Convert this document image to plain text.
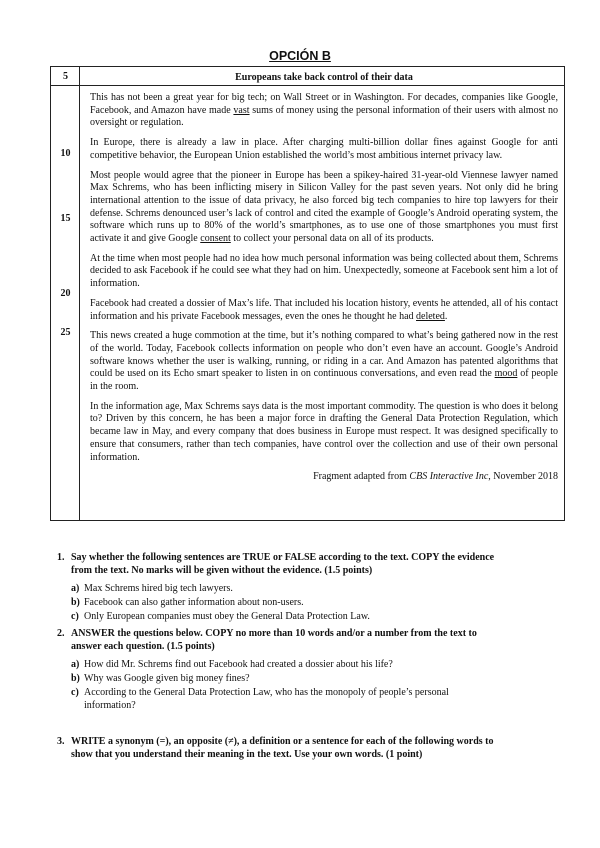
OPCIÓN B
5
10
15
20
25
Europeans take back control of their data

This has not been a great year for big tech; on Wall Street or in Washington. For decades, companies like Google, Facebook, and Amazon have made vast sums of money using the personal information of their users with almost no oversight or regulation.

In Europe, there is already a law in place. After charging multi-billion dollar fines against Google for anti competitive behavior, the European Union established the world’s most ambitious internet privacy law.

Most people would agree that the pioneer in Europe has been a spikey-haired 31-year-old Viennese lawyer named Max Schrems, who has been inflicting misery in Silicon Valley for the past seven years. Not only did he bring international attention to the issue of data privacy, he also forced big tech companies to hire top lawyers for their defense. Schrems denounced user’s lack of control and cited the example of Google’s Android operating system, the software which runs up to 80% of the world’s smartphones, as to use one of those smartphones you must first activate it and give Google consent to collect your personal data on all of its products.

At the time when most people had no idea how much personal information was being collected about them, Schrems decided to ask Facebook if he could see what they had on him. Unexpectedly, someone at Facebook sent him a lot of information.

Facebook had created a dossier of Max’s life. That included his location history, events he attended, all of his contact information and his private Facebook messages, even the ones he thought he had deleted.

This news created a huge commotion at the time, but it’s nothing compared to what’s being gathered now in the rest of the world. Today, Facebook collects information on people who don’t even have an account. Google’s Android software knows whether the user is walking, running, or riding in a car. And Amazon has patented algorithms that could be used on its Echo smart speaker to listen in on continuous conversations, and even read the mood of people in the room.

In the information age, Max Schrems says data is the most important commodity. The question is who does it belong to? Driven by this concern, he has been a major force in drafting the General Data Protection Regulation, which became law in May, and every company that does business in Europe must respect. It was designed specifically to ensure that consumers, rather than tech companies, have control over the collection and use of their own personal information.

Fragment adapted from CBS Interactive Inc, November 2018
1. Say whether the following sentences are TRUE or FALSE according to the text. COPY the evidence
from the text. No marks will be given without the evidence. (1.5 points)
a) Max Schrems hired big tech lawyers.
b) Facebook can also gather information about non-users.
c) Only European companies must obey the General Data Protection Law.
2. ANSWER the questions below. COPY no more than 10 words and/or a number from the text to
answer each question. (1.5 points)
a) How did Mr. Schrems find out Facebook had created a dossier about his life?
b) Why was Google given big money fines?
c) According to the General Data Protection Law, who has the monopoly of people’s personal
information?
3. WRITE a synonym (=), an opposite (≠), a definition or a sentence for each of the following words to
show that you understand their meaning in the text. Use your own words. (1 point)
